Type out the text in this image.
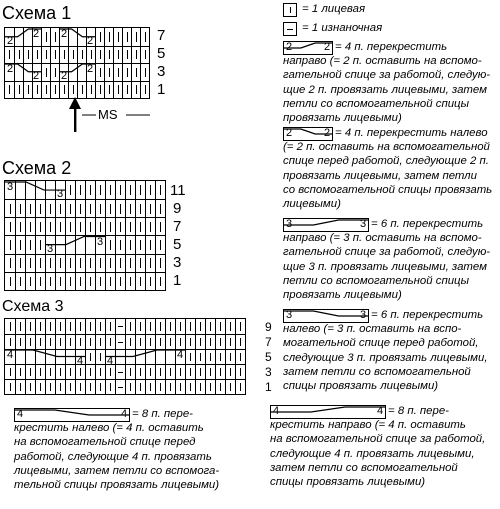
Схема 1
2
2 2
2
2
2 2
2
7
5
3
1
MS
Схема 2
3
3
3
3
11
9
7
5
3
1
Схема 3
4	4 4	4
9
7
5
3
1
= 1 лицевая
= 1 изнаночная
2	2 = 4 п. перекрестить
направо (= 2 п. оставить на вспомо-
гательной спице за работой, следую-
щие 2 п. провязать лицевыми, затем
петли со вспомогательной спицы
провязать лицевыми)
2	2 = 4 п. перекрестить налево
(= 2 п. оставить на вспомогательной
спице перед работой, следующие 2 п.
провязать лицевыми, затем петли
со вспомогательной спицы провязать
лицевыми)
3	3 = 6 п. перекрестить
направо (= 3 п. оставить на вспомо-
гательной спице за работой, следую-
щие 3 п. провязать лицевыми, затем
петли со вспомогательной спицы
провязать лицевыми)
3	3 = 6 п. перекрестить
налево (= 3 п. оставить на вспо-
могательной спице перед работой,
следующие 3 п. провязать лицевыми,
затем петли со вспомогательной
спицы провязать лицевыми)
4	4 = 8 п. пере-
крестить налево (= 4 п. оставить
на вспомогательной спице перед
работой, следующие 4 п. провязать
лицевыми, затем петли со вспомога-
тельной спицы провязать лицевыми)
4	4 = 8 п. пере-
крестить направо (= 4 п. оставить
на вспомогательной спице за работой,
следующие 4 п. провязать лицевыми,
затем петли со вспомогательной
спицы провязать лицевыми)
